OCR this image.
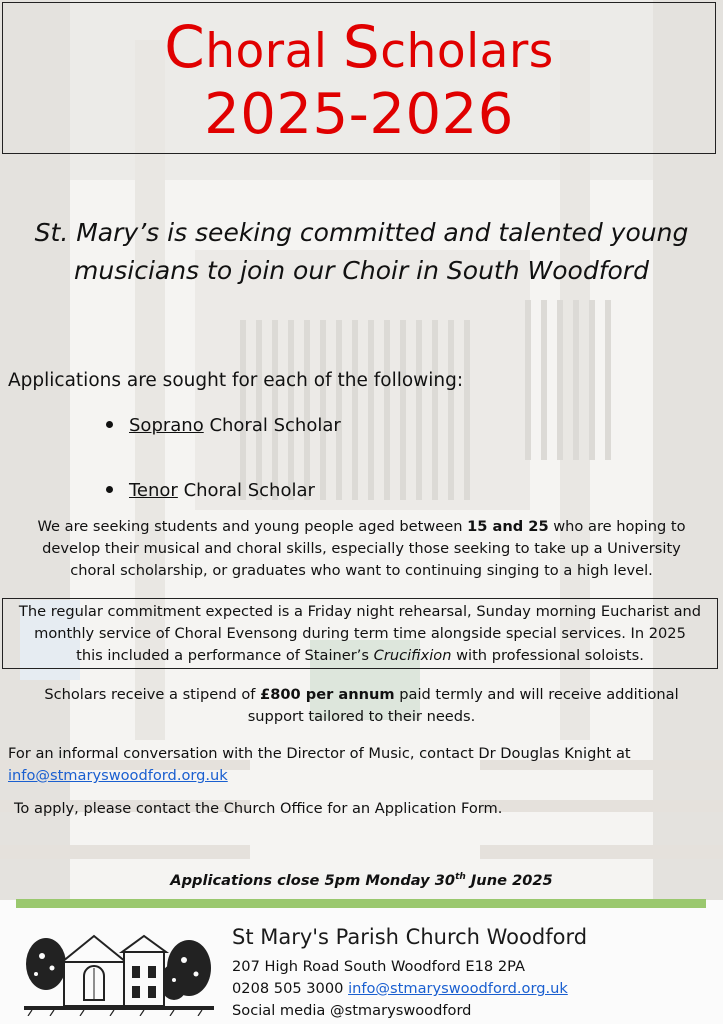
Choral Scholars
2025-2026
St. Mary’s is seeking committed and talented young
musicians to join our Choir in South Woodford
Applications are sought for each of the following:
Soprano Choral Scholar
Tenor Choral Scholar
We are seeking students and young people aged between 15 and 25 who are hoping to
develop their musical and choral skills, especially those seeking to take up a University
choral scholarship, or graduates who want to continuing singing to a high level.
The regular commitment expected is a Friday night rehearsal, Sunday morning Eucharist and
monthly service of Choral Evensong during term time alongside special services. In 2025
this included a performance of Stainer’s Crucifixion with professional soloists.
Scholars receive a stipend of £800 per annum paid termly and will receive additional
support tailored to their needs.
For an informal conversation with the Director of Music, contact Dr Douglas Knight at
info@stmaryswoodford.org.uk
To apply, please contact the Church Office for an Application Form.
Applications close 5pm Monday 30th June 2025
St Mary's Parish Church Woodford
207 High Road South Woodford E18 2PA
0208 505 3000 info@stmaryswoodford.org.uk
Social media @stmaryswoodford
